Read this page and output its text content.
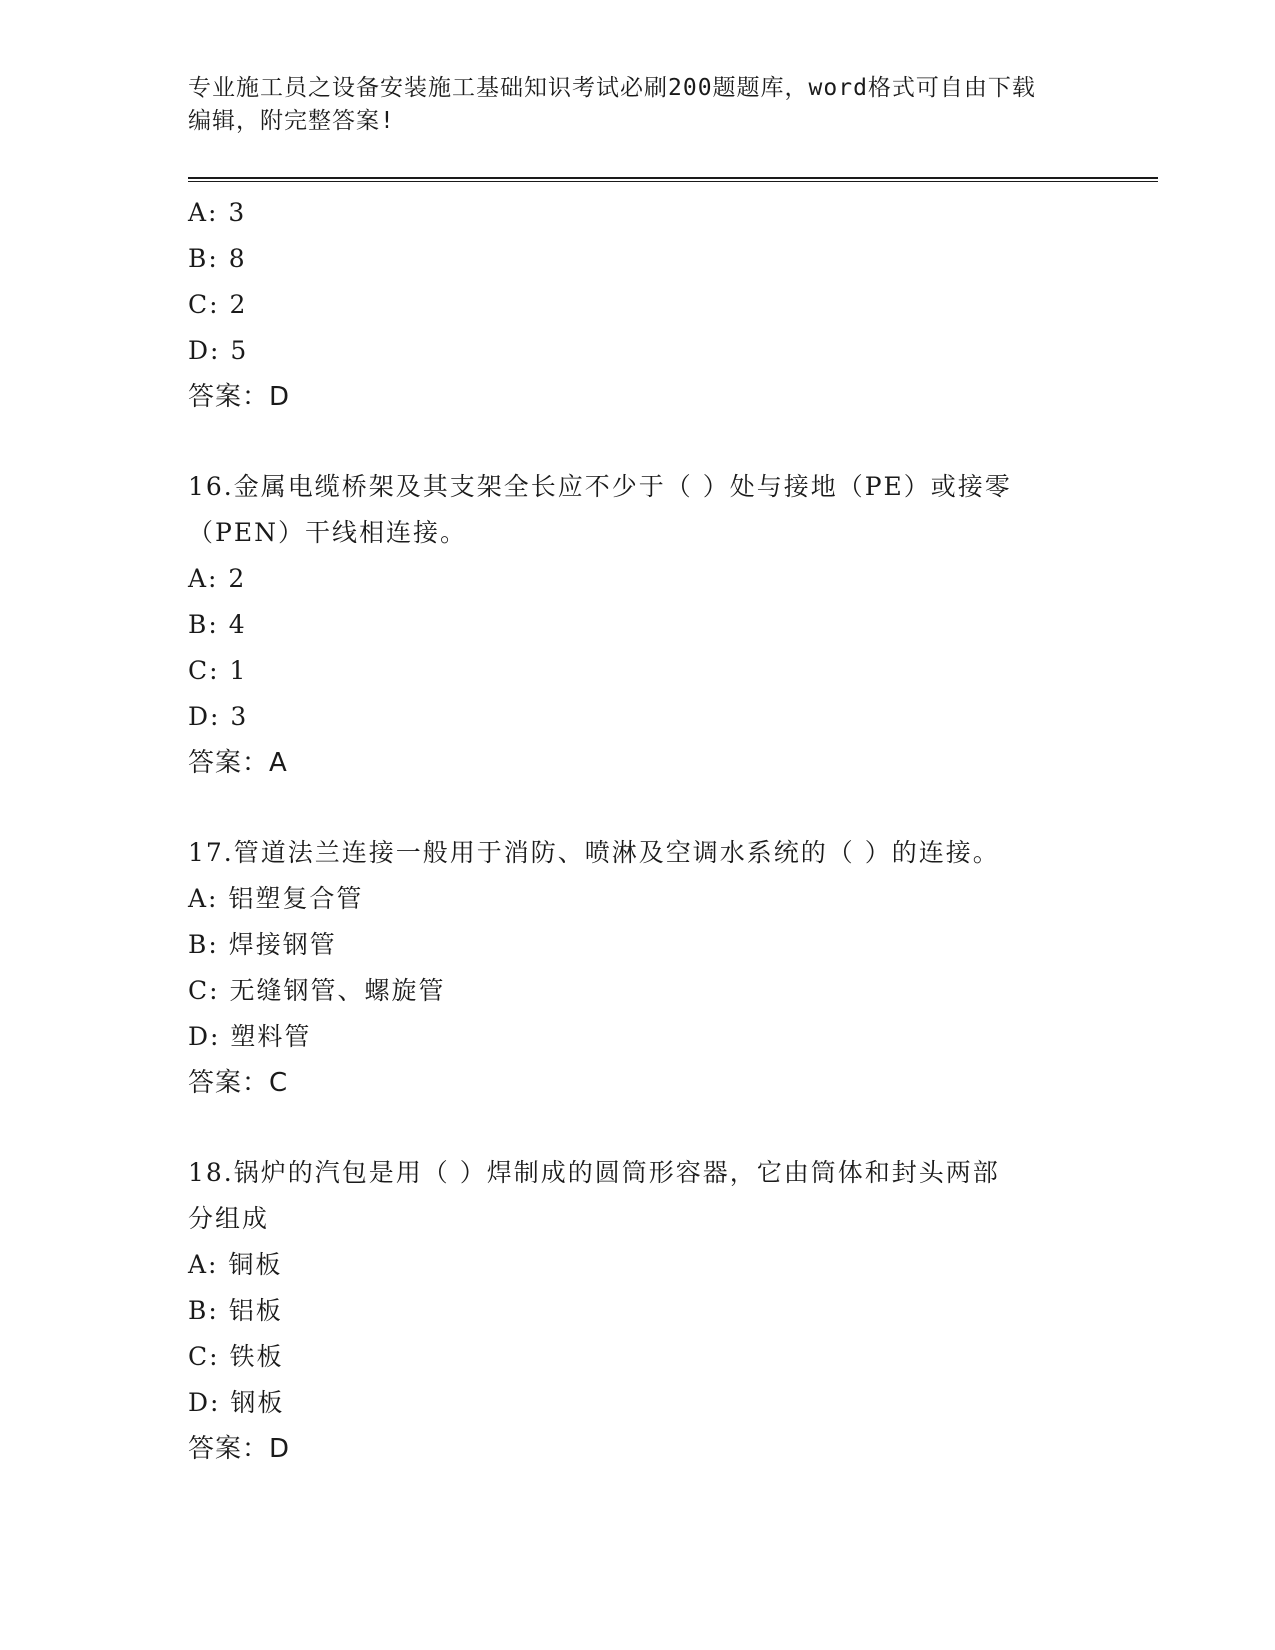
专业施工员之设备安装施工基础知识考试必刷200题题库，word格式可自由下载
编辑，附完整答案!
A: 3
B: 8
C: 2
D: 5
答案：D
16.金属电缆桥架及其支架全长应不少于（ ）处与接地（PE）或接零
（PEN）干线相连接。
A: 2
B: 4
C: 1
D: 3
答案：A
17.管道法兰连接一般用于消防、喷淋及空调水系统的（ ）的连接。
A: 铝塑复合管
B: 焊接钢管
C: 无缝钢管、螺旋管
D: 塑料管
答案：C
18.锅炉的汽包是用（ ）焊制成的圆筒形容器，它由筒体和封头两部
分组成
A: 铜板
B: 铝板
C: 铁板
D: 钢板
答案：D
